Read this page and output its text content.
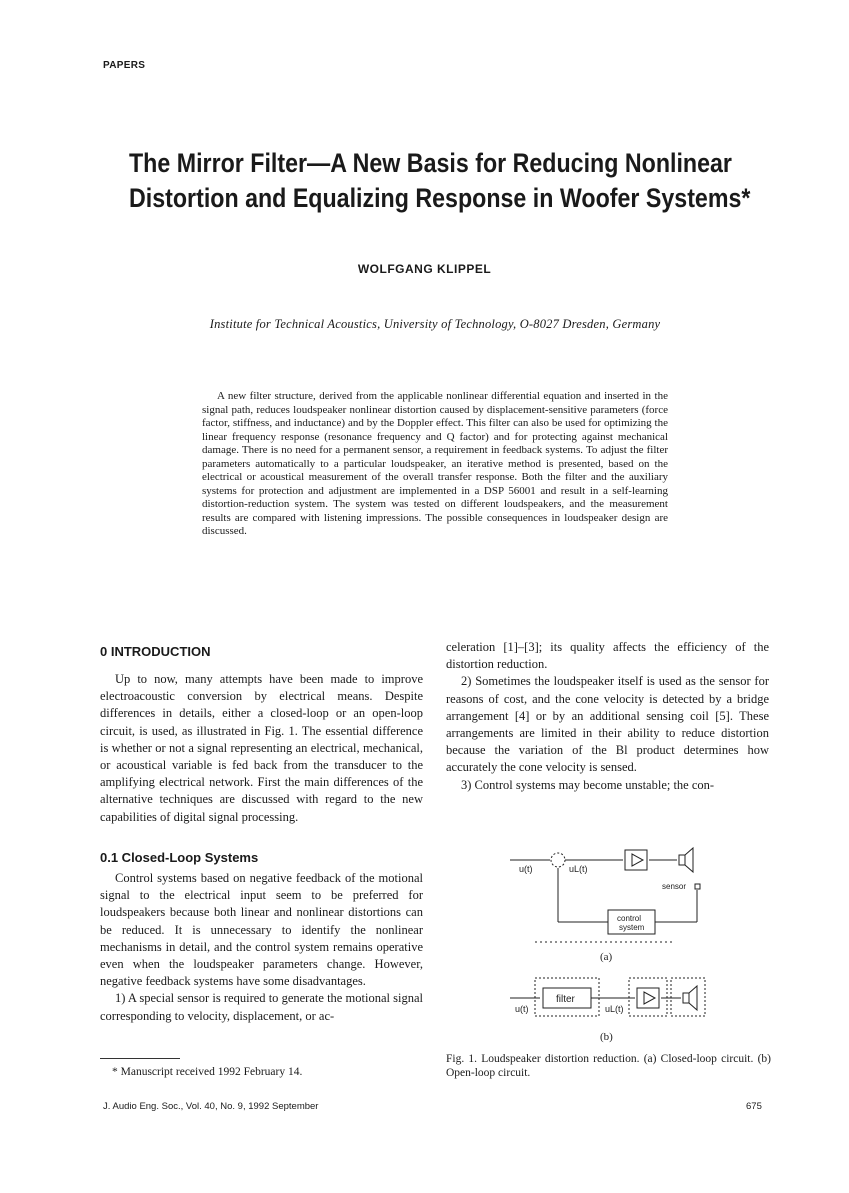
PAPERS
The Mirror Filter—A New Basis for Reducing Nonlinear
Distortion and Equalizing Response in Woofer Systems*
WOLFGANG KLIPPEL
Institute for Technical Acoustics, University of Technology, O-8027 Dresden, Germany

A new filter structure, derived from the applicable nonlinear differential equation and inserted in the signal path, reduces loudspeaker nonlinear distortion caused by displacement-sensitive parameters (force factor, stiffness, and inductance) and by the Doppler effect. This filter can also be used for optimizing the linear frequency response (resonance frequency and Q factor) and for protecting against mechanical damage. There is no need for a permanent sensor, a requirement in feedback systems. To adjust the filter parameters automatically to a particular loudspeaker, an iterative method is presented, based on the electrical or acoustical measurement of the overall transfer response. Both the filter and the auxiliary systems for protection and adjustment are implemented in a DSP 56001 and result in a self-learning distortion-reduction system. The system was tested on different loudspeakers, and the measurement results are compared with listening impressions. The possible consequences in loudspeaker design are discussed.

0 INTRODUCTION

Up to now, many attempts have been made to improve electroacoustic conversion by electrical means. Despite differences in details, either a closed-loop or an open-loop circuit, is used, as illustrated in Fig. 1. The essential difference is whether or not a signal representing an electrical, mechanical, or acoustical variable is fed back from the transducer to the amplifying electrical network. First the main differences of the alternative techniques are discussed with regard to the new capabilities of digital signal processing.

0.1 Closed-Loop Systems

Control systems based on negative feedback of the motional signal to the electrical input seem to be preferred for loudspeakers because both linear and nonlinear distortions can be reduced. It is unnecessary to identify the nonlinear mechanisms in detail, and the control system remains operative even when the loudspeaker parameters change. However, negative feedback systems have some disadvantages.

1) A special sensor is required to generate the motional signal corresponding to velocity, displacement, or ac-

celeration [1]–[3]; its quality affects the efficiency of the distortion reduction.

2) Sometimes the loudspeaker itself is used as the sensor for reasons of cost, and the cone velocity is detected by a bridge arrangement [4] or by an additional sensing coil [5]. These arrangements are limited in their ability to reduce distortion because the variation of the Bl product determines how accurately the cone velocity is sensed.

3) Control systems may become unstable; the con-

u(t)	uL(t)
sensor
control
system
(a)
filter
u(t)	uL(t)
(b)
Fig. 1. Loudspeaker distortion reduction. (a) Closed-loop circuit. (b) Open-loop circuit.
* Manuscript received 1992 February 14.
J. Audio Eng. Soc., Vol. 40, No. 9, 1992 September	675
